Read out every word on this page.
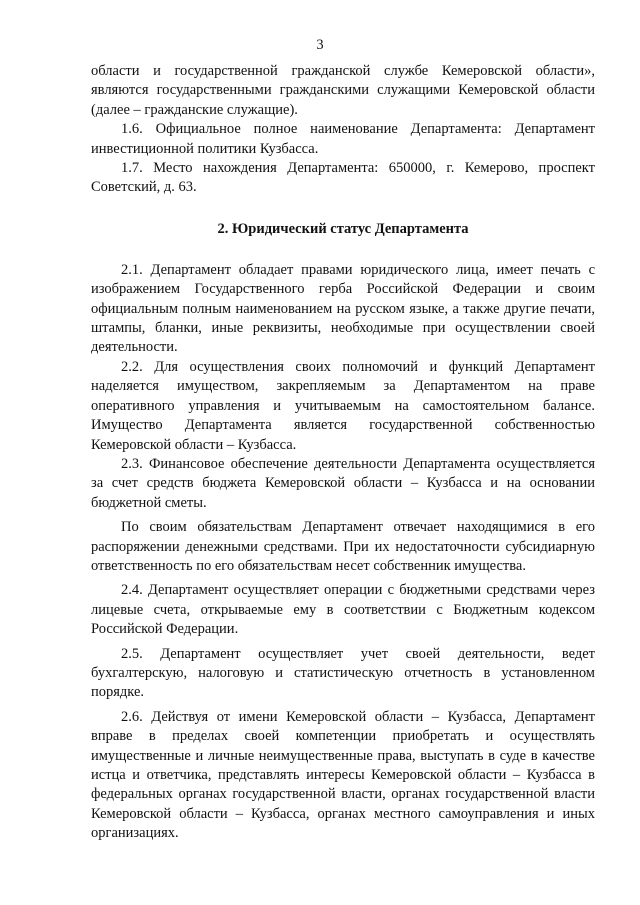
3

области и государственной гражданской службе Кемеровской области», являются государственными гражданскими служащими Кемеровской области (далее – гражданские служащие).

1.6. Официальное полное наименование Департамента: Департамент инвестиционной политики Кузбасса.

1.7. Место нахождения Департамента: 650000, г. Кемерово, проспект Советский, д. 63.

2. Юридический статус Департамента

2.1. Департамент обладает правами юридического лица, имеет печать с изображением Государственного герба Российской Федерации и своим официальным полным наименованием на русском языке, а также другие печати, штампы, бланки, иные реквизиты, необходимые при осуществлении своей деятельности.

2.2. Для осуществления своих полномочий и функций Департамент наделяется имуществом, закрепляемым за Департаментом на праве оперативного управления и учитываемым на самостоятельном балансе. Имущество Департамента является государственной собственностью Кемеровской области – Кузбасса.

2.3. Финансовое обеспечение деятельности Департамента осуществляется за счет средств бюджета Кемеровской области – Кузбасса и на основании бюджетной сметы.

По своим обязательствам Департамент отвечает находящимися в его распоряжении денежными средствами. При их недостаточности субсидиарную ответственность по его обязательствам несет собственник имущества.

2.4. Департамент осуществляет операции с бюджетными средствами через лицевые счета, открываемые ему в соответствии с Бюджетным кодексом Российской Федерации.

2.5. Департамент осуществляет учет своей деятельности, ведет бухгалтерскую, налоговую и статистическую отчетность в установленном порядке.

2.6. Действуя от имени Кемеровской области – Кузбасса, Департамент вправе в пределах своей компетенции приобретать и осуществлять имущественные и личные неимущественные права, выступать в суде в качестве истца и ответчика, представлять интересы Кемеровской области – Кузбасса в федеральных органах государственной власти, органах государственной власти Кемеровской области – Кузбасса, органах местного самоуправления и иных организациях.
